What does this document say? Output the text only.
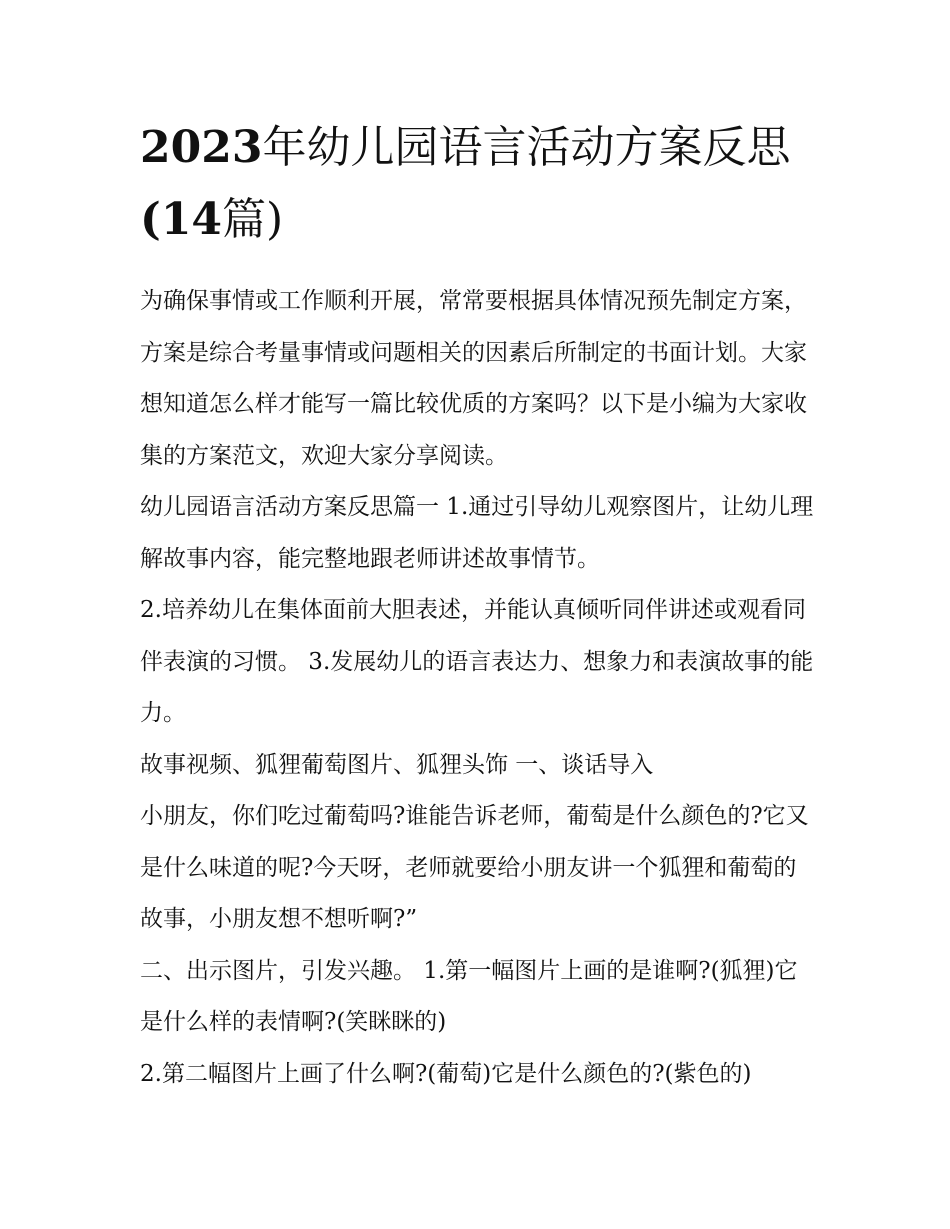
2023年幼儿园语言活动方案反思(14篇)

为确保事情或工作顺利开展，常常要根据具体情况预先制定方案，方案是综合考量事情或问题相关的因素后所制定的书面计划。大家想知道怎么样才能写一篇比较优质的方案吗？以下是小编为大家收集的方案范文，欢迎大家分享阅读。

幼儿园语言活动方案反思篇一 1.通过引导幼儿观察图片，让幼儿理解故事内容，能完整地跟老师讲述故事情节。

2.培养幼儿在集体面前大胆表述，并能认真倾听同伴讲述或观看同伴表演的习惯。 3.发展幼儿的语言表达力、想象力和表演故事的能力。

故事视频、狐狸葡萄图片、狐狸头饰 一、谈话导入

小朋友，你们吃过葡萄吗?谁能告诉老师，葡萄是什么颜色的?它又是什么味道的呢?今天呀，老师就要给小朋友讲一个狐狸和葡萄的故事，小朋友想不想听啊?”

二、出示图片，引发兴趣。 1.第一幅图片上画的是谁啊?(狐狸)它是什么样的表情啊?(笑眯眯的)

2.第二幅图片上画了什么啊?(葡萄)它是什么颜色的?(紫色的)
